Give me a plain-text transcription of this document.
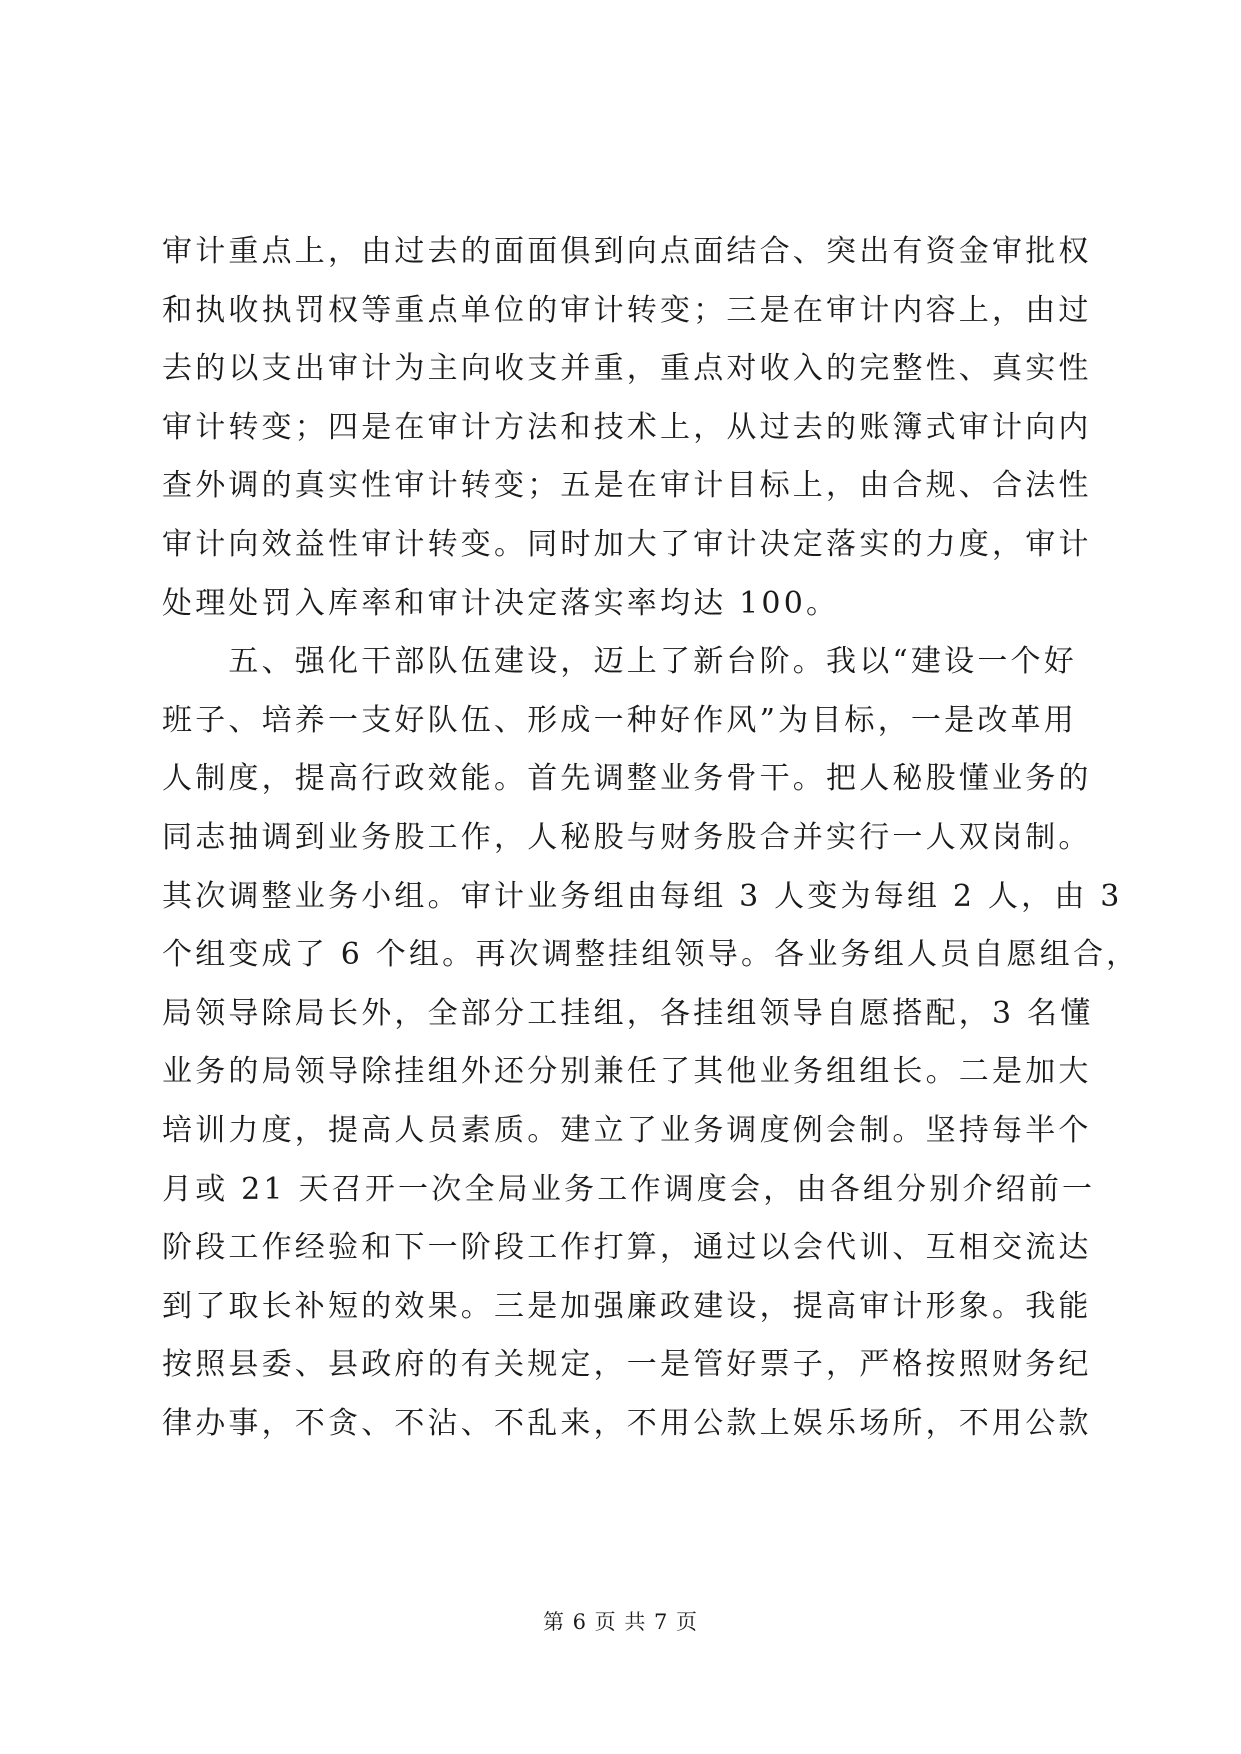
审计重点上，由过去的面面俱到向点面结合、突出有资金审批权
和执收执罚权等重点单位的审计转变；三是在审计内容上，由过
去的以支出审计为主向收支并重，重点对收入的完整性、真实性
审计转变；四是在审计方法和技术上，从过去的账簿式审计向内
查外调的真实性审计转变；五是在审计目标上，由合规、合法性
审计向效益性审计转变。同时加大了审计决定落实的力度，审计
处理处罚入库率和审计决定落实率均达 100。
　　五、强化干部队伍建设，迈上了新台阶。我以“建设一个好
班子、培养一支好队伍、形成一种好作风”为目标，一是改革用
人制度，提高行政效能。首先调整业务骨干。把人秘股懂业务的
同志抽调到业务股工作，人秘股与财务股合并实行一人双岗制。
其次调整业务小组。审计业务组由每组 3 人变为每组 2 人，由 3
个组变成了 6 个组。再次调整挂组领导。各业务组人员自愿组合，
局领导除局长外，全部分工挂组，各挂组领导自愿搭配，3 名懂
业务的局领导除挂组外还分别兼任了其他业务组组长。二是加大
培训力度，提高人员素质。建立了业务调度例会制。坚持每半个
月或 21 天召开一次全局业务工作调度会，由各组分别介绍前一
阶段工作经验和下一阶段工作打算，通过以会代训、互相交流达
到了取长补短的效果。三是加强廉政建设，提高审计形象。我能
按照县委、县政府的有关规定，一是管好票子，严格按照财务纪
律办事，不贪、不沾、不乱来，不用公款上娱乐场所，不用公款
第 6 页 共 7 页
